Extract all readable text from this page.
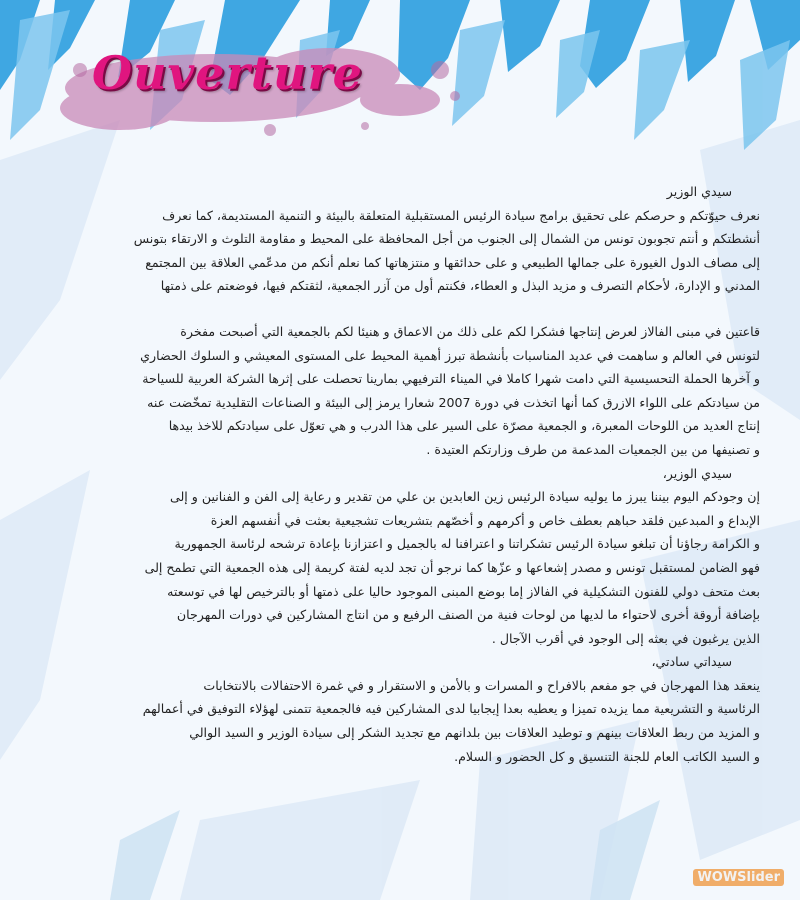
Ouverture
سيدي الوزير
نعرف حيوّتكم و حرصكم على تحقيق برامج سيادة الرئيس المستقبلية المتعلقة بالبيئة و التنمية المستديمة، كما نعرف
أنشطتكم و أنتم تجوبون تونس من الشمال إلى الجنوب من أجل المحافظة على المحيط و مقاومة التلوث و الارتقاء بتونس
إلى مصاف الدول الغيورة على جمالها الطبيعي و على حدائقها و منتزهاتها كما نعلم أنكم من مدعّمي العلاقة بين المجتمع
المدني و الإدارة، لأحكام التصرف و مزيد البذل و العطاء، فكنتم أول من آزر الجمعية، لثقتكم فيها، فوضعتم على ذمتها
قاعتين في مبنى الفالاز لعرض إنتاجها فشكرا لكم على ذلك من الاعماق و هنيئا لكم بالجمعية التي أصبحت مفخرة
لتونس في العالم و ساهمت في عديد المناسبات بأنشطة تبرز أهمية المحيط على المستوى المعيشي و السلوك الحضاري
و آخرها الحملة التحسيسية التي دامت شهرا كاملا في الميناء الترفيهي بمارينا تحصلت على إثرها الشركة العربية للسياحة
من سيادتكم على اللواء الازرق كما أنها اتخذت في دورة 2007 شعارا يرمز إلى البيئة و الصناعات التقليدية تمخّضت عنه
إنتاج العديد من اللوحات المعبرة، و الجمعية مصرّة على السير على هذا الدرب و هي تعوّل على سيادتكم للاخذ بيدها
و تصنيفها من بين الجمعيات المدعمة من طرف وزارتكم العتيدة .
سيدي الوزير،
إن وجودكم اليوم بيننا يبرز ما يوليه سيادة الرئيس زين العابدين بن علي من تقدير و رعاية إلى الفن و الفنانين و إلى
الإبداع و المبدعين فلقد حباهم بعطف خاص و أكرمهم و أخصّهم بتشريعات تشجيعية بعثت في أنفسهم العزة
و الكرامة رجاؤنا أن تبلغو سيادة الرئيس تشكراتنا و اعترافنا له بالجميل و اعتزازنا بإعادة ترشحه لرئاسة الجمهورية
فهو الضامن لمستقبل تونس و مصدر إشعاعها و عزّها كما نرجو أن تجد لديه لفتة كريمة إلى هذه الجمعية التي تطمح إلى
بعث متحف دولي للفنون التشكيلية في الفالاز إما بوضع المبنى الموجود حاليا على ذمتها أو بالترخيص لها في توسعته
بإضافة أروقة أخرى لاحتواء ما لديها من لوحات فنية من الصنف الرفيع و من انتاج المشاركين في دورات المهرجان
الذين يرغبون في بعثه إلى الوجود في أقرب الآجال .
سيداتي سادتي،
ينعقد هذا المهرجان في جو مفعم بالافراح و المسرات و بالأمن و الاستقرار و في غمرة الاحتفالات بالانتخابات
الرئاسية و التشريعية مما يزيده تميزا و يعطيه بعدا إيجابيا لدى المشاركين فيه فالجمعية تتمنى لهؤلاء التوفيق في أعمالهم
و المزيد من ربط العلاقات بينهم و توطيد العلاقات بين بلدانهم مع تجديد الشكر إلى سيادة الوزير و السيد الوالي
و السيد الكاتب العام للجنة التنسيق و كل الحضور و السلام.
WOWSlider
